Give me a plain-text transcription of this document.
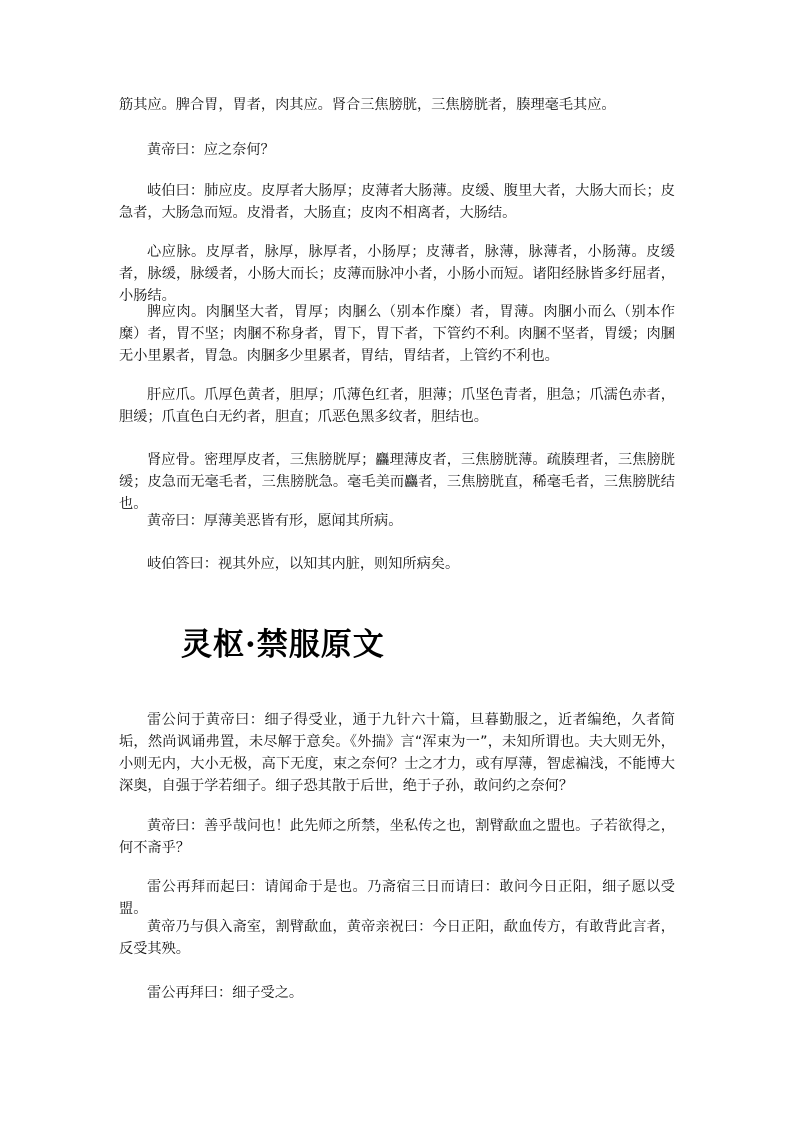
筋其应。脾合胃，胃者，肉其应。肾合三焦膀胱，三焦膀胱者，腠理毫毛其应。

黄帝曰：应之奈何？

岐伯曰：肺应皮。皮厚者大肠厚；皮薄者大肠薄。皮缓、腹里大者，大肠大而长；皮急者，大肠急而短。皮滑者，大肠直；皮肉不相离者，大肠结。

心应脉。皮厚者，脉厚，脉厚者，小肠厚；皮薄者，脉薄，脉薄者，小肠薄。皮缓者，脉缓，脉缓者，小肠大而长；皮薄而脉冲小者，小肠小而短。诸阳经脉皆多纡屈者，小肠结。

脾应肉。肉䐃坚大者，胃厚；肉䐃么（别本作糜）者，胃薄。肉䐃小而么（别本作糜）者，胃不坚；肉䐃不称身者，胃下，胃下者，下管约不利。肉䐃不坚者，胃缓；肉䐃无小里累者，胃急。肉䐃多少里累者，胃结，胃结者，上管约不利也。

肝应爪。爪厚色黄者，胆厚；爪薄色红者，胆薄；爪坚色青者，胆急；爪濡色赤者，胆缓；爪直色白无约者，胆直；爪恶色黑多纹者，胆结也。

肾应骨。密理厚皮者，三焦膀胱厚；麤理薄皮者，三焦膀胱薄。疏腠理者，三焦膀胱缓；皮急而无毫毛者，三焦膀胱急。毫毛美而麤者，三焦膀胱直，稀毫毛者，三焦膀胱结也。

黄帝曰：厚薄美恶皆有形，愿闻其所病。

岐伯答曰：视其外应，以知其内脏，则知所病矣。

灵枢·禁服原文

雷公问于黄帝曰：细子得受业，通于九针六十篇，旦暮勤服之，近者编绝，久者简垢，然尚讽诵弗置，未尽解于意矣。《外揣》言“浑束为一”，未知所谓也。夫大则无外，小则无内，大小无极，高下无度，束之奈何？士之才力，或有厚薄，智虑褊浅，不能博大深奥，自强于学若细子。细子恐其散于后世，绝于子孙，敢问约之奈何？

黄帝曰：善乎哉问也！此先师之所禁，坐私传之也，割臂歃血之盟也。子若欲得之，何不斋乎？

雷公再拜而起曰：请闻命于是也。乃斋宿三日而请曰：敢问今日正阳，细子愿以受盟。

黄帝乃与俱入斋室，割臂歃血，黄帝亲祝曰：今日正阳，歃血传方，有敢背此言者，反受其殃。

雷公再拜曰：细子受之。
